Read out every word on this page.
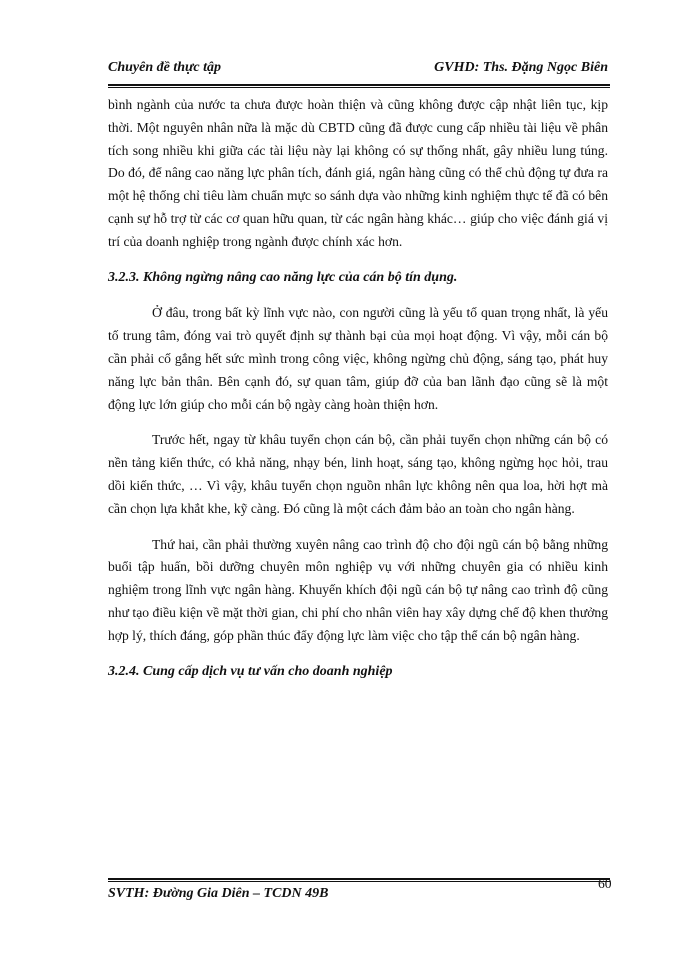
Chuyên đề thực tập	GVHD: Ths. Đặng Ngọc Biên

bình ngành của nước ta chưa được hoàn thiện và cũng không được cập nhật liên tục, kịp thời. Một nguyên nhân nữa là mặc dù CBTD cũng đã được cung cấp nhiều tài liệu về phân tích song nhiều khi giữa các tài liệu này lại không có sự thống nhất, gây nhiều lung túng. Do đó, để nâng cao năng lực phân tích, đánh giá, ngân hàng cũng có thể chủ động tự đưa ra một hệ thống chỉ tiêu làm chuẩn mực so sánh dựa vào những kinh nghiệm thực tế đã có bên cạnh sự hỗ trợ từ các cơ quan hữu quan, từ các ngân hàng khác… giúp cho việc đánh giá vị trí của doanh nghiệp trong ngành được chính xác hơn.

3.2.3. Không ngừng nâng cao năng lực của cán bộ tín dụng.

Ở đâu, trong bất kỳ lĩnh vực nào, con người cũng là yếu tố quan trọng nhất, là yếu tố trung tâm, đóng vai trò quyết định sự thành bại của mọi hoạt động. Vì vậy, mỗi cán bộ cần phải cố gắng hết sức mình trong công việc, không ngừng chủ động, sáng tạo, phát huy năng lực bản thân. Bên cạnh đó, sự quan tâm, giúp đỡ của ban lãnh đạo cũng sẽ là một động lực lớn giúp cho mỗi cán bộ ngày càng hoàn thiện hơn.

Trước hết, ngay từ khâu tuyển chọn cán bộ, cần phải tuyển chọn những cán bộ có nền tảng kiến thức, có khả năng, nhạy bén, linh hoạt, sáng tạo, không ngừng học hỏi, trau dồi kiến thức, … Vì vậy, khâu tuyển chọn nguồn nhân lực không nên qua loa, hời hợt mà cần chọn lựa khắt khe, kỹ càng. Đó cũng là một cách đảm bảo an toàn cho ngân hàng.

Thứ hai, cần phải thường xuyên nâng cao trình độ cho đội ngũ cán bộ bằng những buổi tập huấn, bồi dưỡng chuyên môn nghiệp vụ với những chuyên gia có nhiều kinh nghiệm trong lĩnh vực ngân hàng. Khuyến khích đội ngũ cán bộ tự nâng cao trình độ cũng như tạo điều kiện về mặt thời gian, chi phí cho nhân viên hay xây dựng chế độ khen thưởng hợp lý, thích đáng, góp phần thúc đẩy động lực làm việc cho tập thể cán bộ ngân hàng.

3.2.4. Cung cấp dịch vụ tư vấn cho doanh nghiệp

SVTH: Đường Gia Diên – TCDN 49B
60
